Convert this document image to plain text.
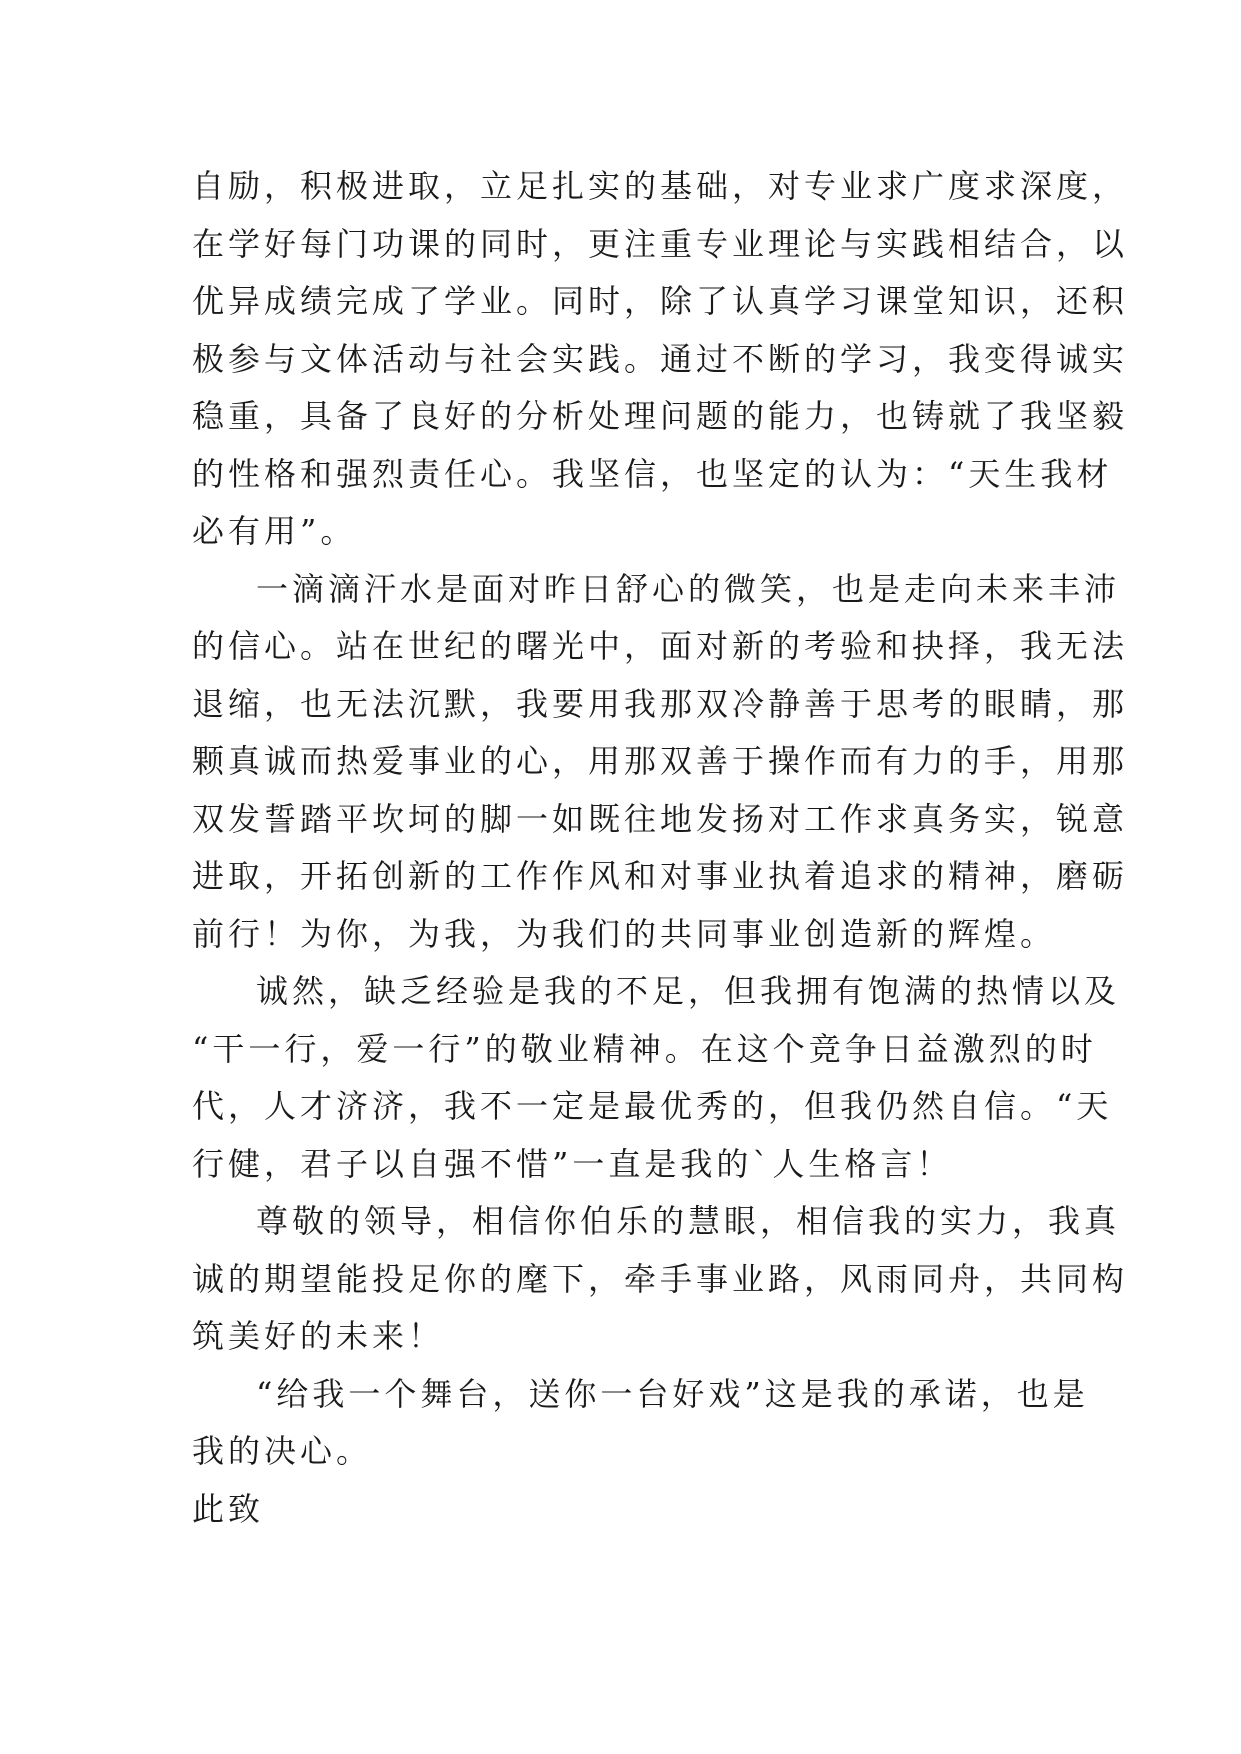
自励，积极进取，立足扎实的基础，对专业求广度求深度，
在学好每门功课的同时，更注重专业理论与实践相结合，以
优异成绩完成了学业。同时，除了认真学习课堂知识，还积
极参与文体活动与社会实践。通过不断的学习，我变得诚实
稳重，具备了良好的分析处理问题的能力，也铸就了我坚毅
的性格和强烈责任心。我坚信，也坚定的认为：“天生我材
必有用”。
一滴滴汗水是面对昨日舒心的微笑，也是走向未来丰沛
的信心。站在世纪的曙光中，面对新的考验和抉择，我无法
退缩，也无法沉默，我要用我那双冷静善于思考的眼睛，那
颗真诚而热爱事业的心，用那双善于操作而有力的手，用那
双发誓踏平坎坷的脚一如既往地发扬对工作求真务实，锐意
进取，开拓创新的工作作风和对事业执着追求的精神，磨砺
前行！为你，为我，为我们的共同事业创造新的辉煌。
诚然，缺乏经验是我的不足，但我拥有饱满的热情以及
“干一行，爱一行”的敬业精神。在这个竞争日益激烈的时
代，人才济济，我不一定是最优秀的，但我仍然自信。“天
行健，君子以自强不惜”一直是我的`人生格言！
尊敬的领导，相信你伯乐的慧眼，相信我的实力，我真
诚的期望能投足你的麾下，牵手事业路，风雨同舟，共同构
筑美好的未来！
“给我一个舞台，送你一台好戏”这是我的承诺，也是
我的决心。
此致
